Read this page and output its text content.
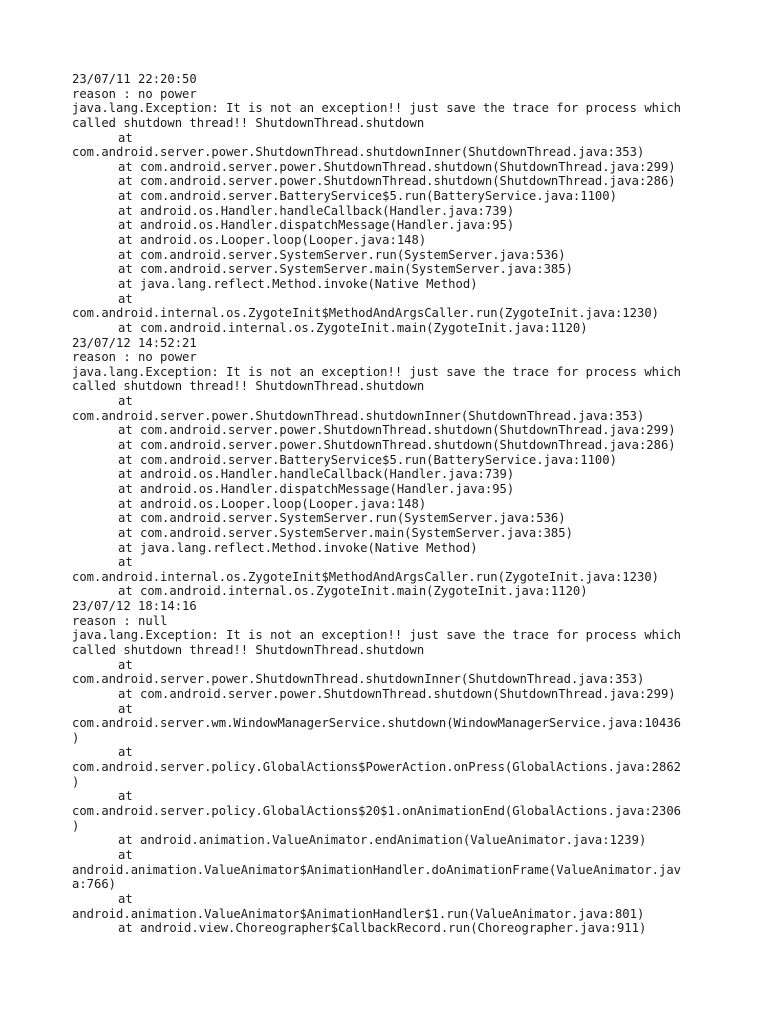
23/07/11 22:20:50
reason : no power
java.lang.Exception: It is not an exception!! just save the trace for process which
called shutdown thread!! ShutdownThread.shutdown
at
com.android.server.power.ShutdownThread.shutdownInner(ShutdownThread.java:353)
at com.android.server.power.ShutdownThread.shutdown(ShutdownThread.java:299)
at com.android.server.power.ShutdownThread.shutdown(ShutdownThread.java:286)
at com.android.server.BatteryService$5.run(BatteryService.java:1100)
at android.os.Handler.handleCallback(Handler.java:739)
at android.os.Handler.dispatchMessage(Handler.java:95)
at android.os.Looper.loop(Looper.java:148)
at com.android.server.SystemServer.run(SystemServer.java:536)
at com.android.server.SystemServer.main(SystemServer.java:385)
at java.lang.reflect.Method.invoke(Native Method)
at
com.android.internal.os.ZygoteInit$MethodAndArgsCaller.run(ZygoteInit.java:1230)
at com.android.internal.os.ZygoteInit.main(ZygoteInit.java:1120)
23/07/12 14:52:21
reason : no power
java.lang.Exception: It is not an exception!! just save the trace for process which
called shutdown thread!! ShutdownThread.shutdown
at
com.android.server.power.ShutdownThread.shutdownInner(ShutdownThread.java:353)
at com.android.server.power.ShutdownThread.shutdown(ShutdownThread.java:299)
at com.android.server.power.ShutdownThread.shutdown(ShutdownThread.java:286)
at com.android.server.BatteryService$5.run(BatteryService.java:1100)
at android.os.Handler.handleCallback(Handler.java:739)
at android.os.Handler.dispatchMessage(Handler.java:95)
at android.os.Looper.loop(Looper.java:148)
at com.android.server.SystemServer.run(SystemServer.java:536)
at com.android.server.SystemServer.main(SystemServer.java:385)
at java.lang.reflect.Method.invoke(Native Method)
at
com.android.internal.os.ZygoteInit$MethodAndArgsCaller.run(ZygoteInit.java:1230)
at com.android.internal.os.ZygoteInit.main(ZygoteInit.java:1120)
23/07/12 18:14:16
reason : null
java.lang.Exception: It is not an exception!! just save the trace for process which
called shutdown thread!! ShutdownThread.shutdown
at
com.android.server.power.ShutdownThread.shutdownInner(ShutdownThread.java:353)
at com.android.server.power.ShutdownThread.shutdown(ShutdownThread.java:299)
at
com.android.server.wm.WindowManagerService.shutdown(WindowManagerService.java:10436
)
at
com.android.server.policy.GlobalActions$PowerAction.onPress(GlobalActions.java:2862
)
at
com.android.server.policy.GlobalActions$20$1.onAnimationEnd(GlobalActions.java:2306
)
at android.animation.ValueAnimator.endAnimation(ValueAnimator.java:1239)
at
android.animation.ValueAnimator$AnimationHandler.doAnimationFrame(ValueAnimator.jav
a:766)
at
android.animation.ValueAnimator$AnimationHandler$1.run(ValueAnimator.java:801)
at android.view.Choreographer$CallbackRecord.run(Choreographer.java:911)
